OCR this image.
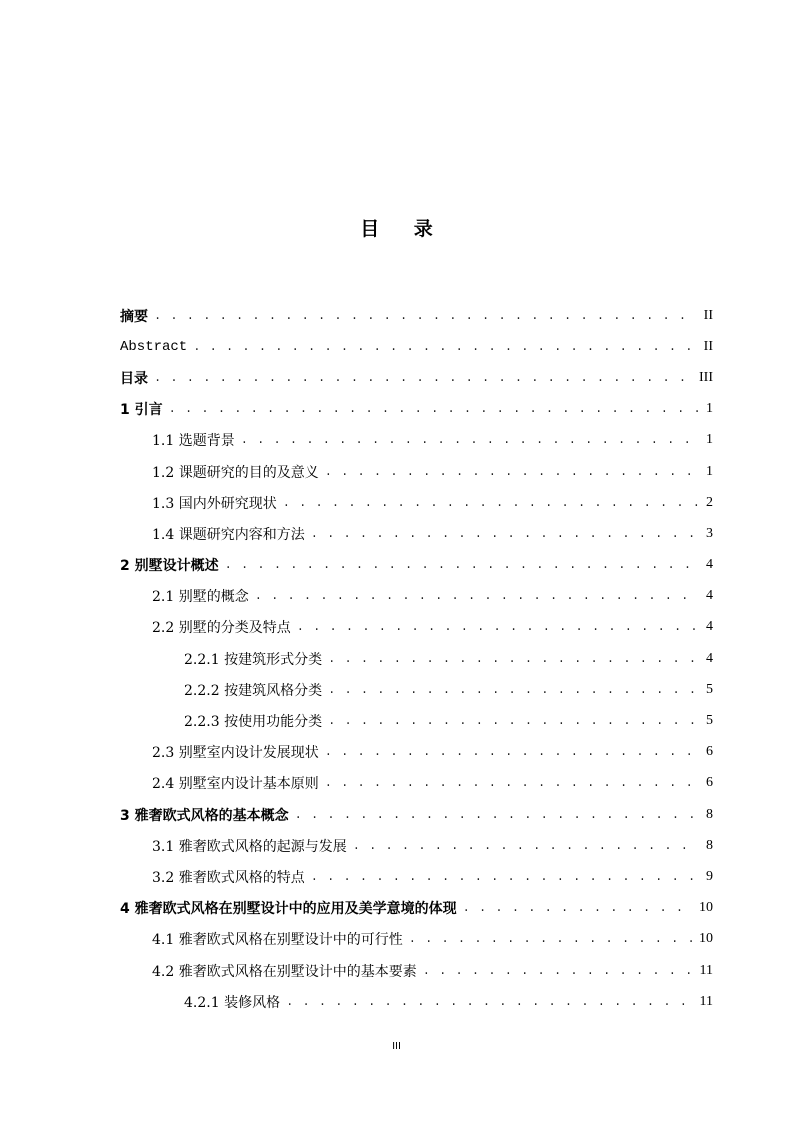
目 录
摘要 . . .	II
Abstract . . .	II
目录 . . .	III
1 引言 . . .	1
1.1 选题背景 . . .	1
1.2 课题研究的目的及意义 . . .	1
1.3 国内外研究现状 . . .	2
1.4 课题研究内容和方法 . . .	3
2 别墅设计概述 . . .	4
2.1 别墅的概念 . . .	4
2.2 别墅的分类及特点 . . .	4
2.2.1 按建筑形式分类 . . .	4
2.2.2 按建筑风格分类 . . .	5
2.2.3 按使用功能分类 . . .	5
2.3 别墅室内设计发展现状 . . .	6
2.4 别墅室内设计基本原则 . . .	6
3 雅奢欧式风格的基本概念 . . .	8
3.1 雅奢欧式风格的起源与发展 . . .	8
3.2 雅奢欧式风格的特点 . . .	9
4 雅奢欧式风格在别墅设计中的应用及美学意境的体现 . . .	10
4.1 雅奢欧式风格在别墅设计中的可行性 . . .	10
4.2 雅奢欧式风格在别墅设计中的基本要素 . . .	11
4.2.1 装修风格 . . .	11
III
